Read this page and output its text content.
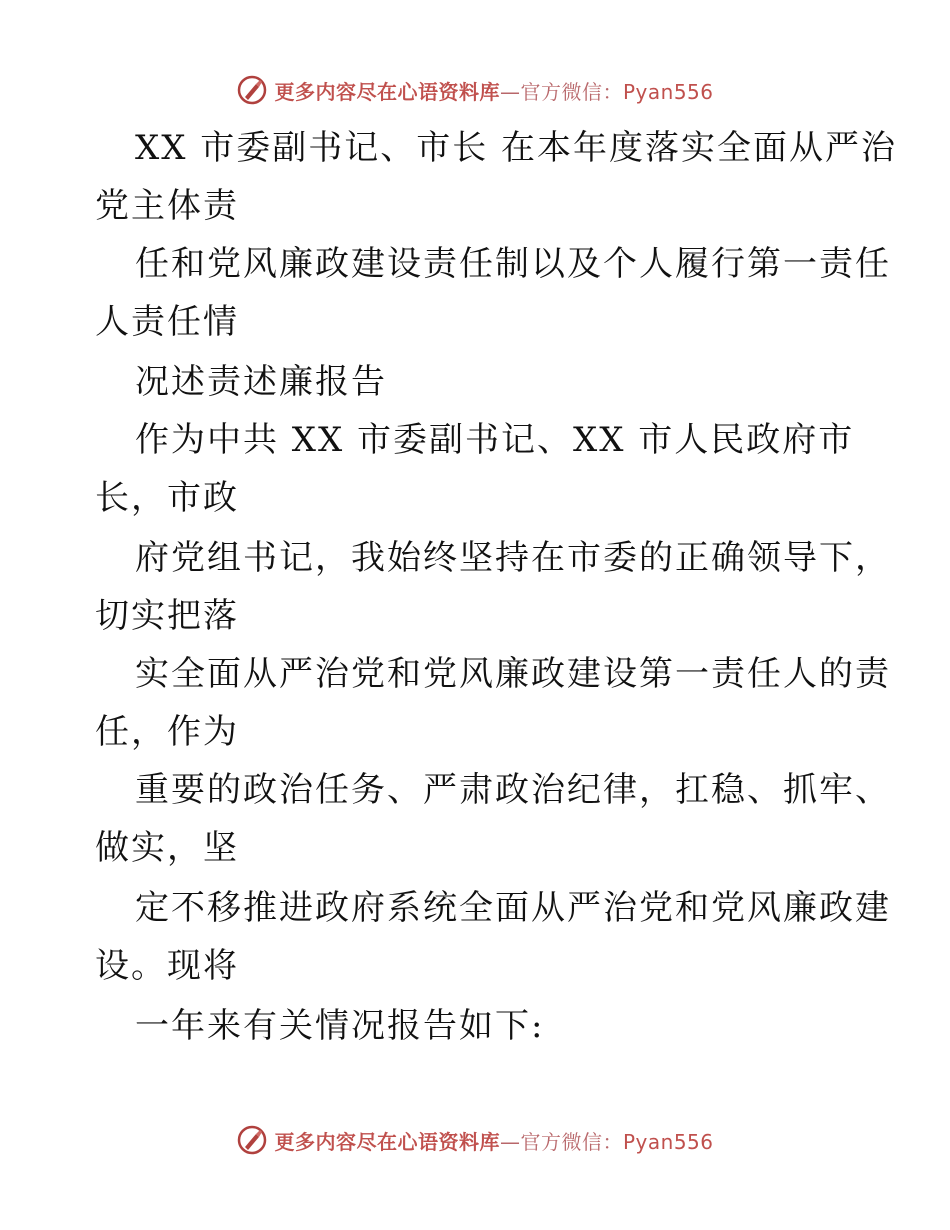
更多内容尽在心语资料库—官方微信：Pyan556
XX 市委副书记、市长 在本年度落实全面从严治
党主体责
任和党风廉政建设责任制以及个人履行第一责任
人责任情
况述责述廉报告
作为中共 XX 市委副书记、XX 市人民政府市
长，市政
府党组书记，我始终坚持在市委的正确领导下，
切实把落
实全面从严治党和党风廉政建设第一责任人的责
任，作为
重要的政治任务、严肃政治纪律，扛稳、抓牢、
做实，坚
定不移推进政府系统全面从严治党和党风廉政建
设。现将
一年来有关情况报告如下:
更多内容尽在心语资料库—官方微信：Pyan556
